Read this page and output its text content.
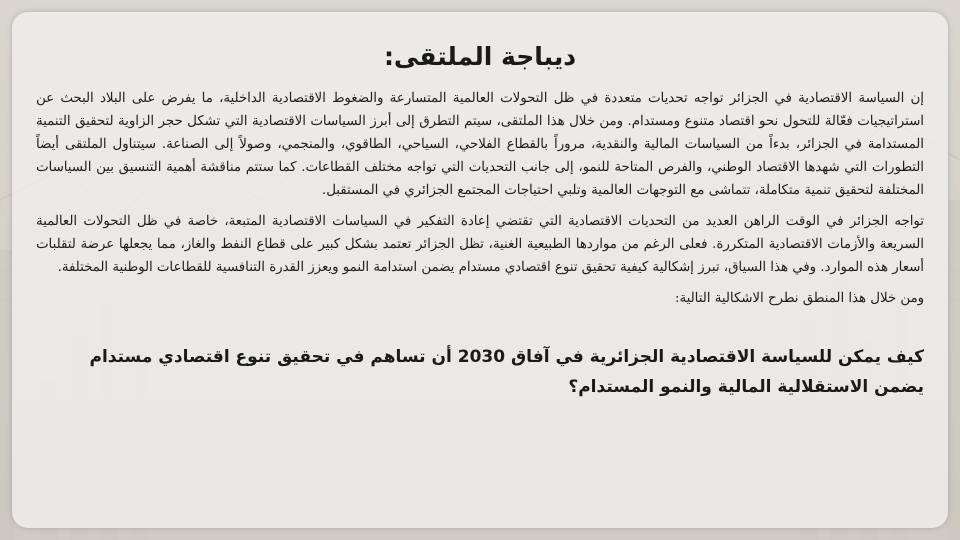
ديباجة الملتقى:

إن السياسة الاقتصادية في الجزائر تواجه تحديات متعددة في ظل التحولات العالمية المتسارعة والضغوط الاقتصادية الداخلية، ما يفرض على البلاد البحث عن استراتيجيات فعّالة للتحول نحو اقتصاد متنوع ومستدام. ومن خلال هذا الملتقى، سيتم التطرق إلى أبرز السياسات الاقتصادية التي تشكل حجر الزاوية لتحقيق التنمية المستدامة في الجزائر، بدءاً من السياسات المالية والنقدية، مروراً بالقطاع الفلاحي، السياحي، الطاقوي، والمنجمي، وصولاً إلى الصناعة. سيتناول الملتقى أيضاً التطورات التي شهدها الاقتصاد الوطني، والفرص المتاحة للنمو، إلى جانب التحديات التي تواجه مختلف القطاعات. كما ستتم مناقشة أهمية التنسيق بين السياسات المختلفة لتحقيق تنمية متكاملة، تتماشى مع التوجهات العالمية وتلبي احتياجات المجتمع الجزائري في المستقبل.

تواجه الجزائر في الوقت الراهن العديد من التحديات الاقتصادية التي تقتضي إعادة التفكير في السياسات الاقتصادية المتبعة، خاصة في ظل التحولات العالمية السريعة والأزمات الاقتصادية المتكررة. فعلى الرغم من مواردها الطبيعية الغنية، تظل الجزائر تعتمد بشكل كبير على قطاع النفط والغاز، مما يجعلها عرضة لتقلبات أسعار هذه الموارد. وفي هذا السياق، تبرز إشكالية كيفية تحقيق تنوع اقتصادي مستدام يضمن استدامة النمو ويعزز القدرة التنافسية للقطاعات الوطنية المختلفة.

ومن خلال هذا المنطق نطرح الاشكالية التالية:

كيف يمكن للسياسة الاقتصادية الجزائرية في آفاق 2030 أن تساهم في تحقيق تنوع اقتصادي مستدام يضمن الاستقلالية المالية والنمو المستدام؟
